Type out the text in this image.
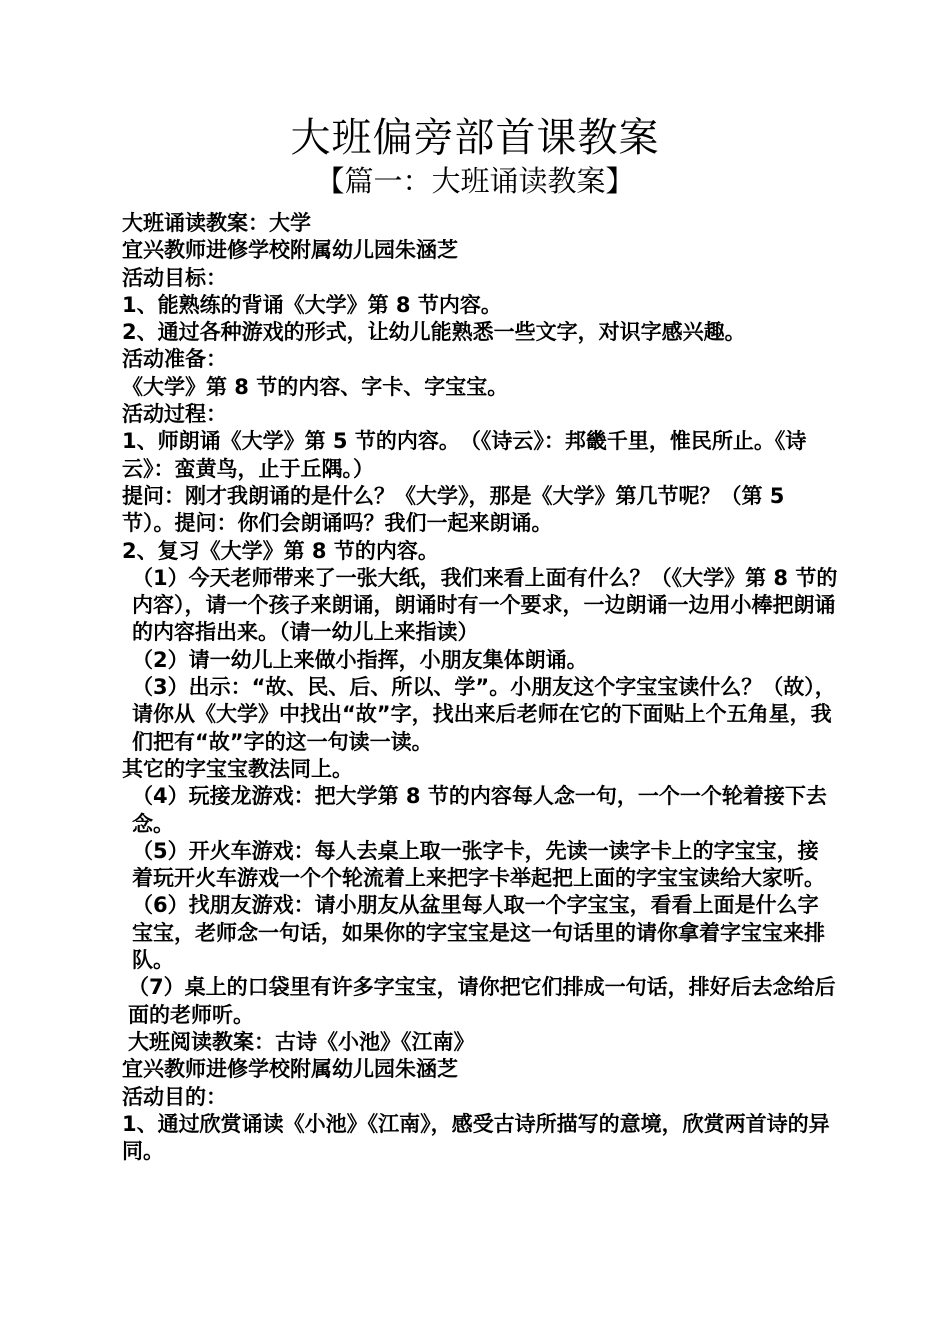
大班偏旁部首课教案
【篇一：大班诵读教案】

大班诵读教案：大学

宜兴教师进修学校附属幼儿园朱涵芝

活动目标：

1、能熟练的背诵《大学》第 8 节内容。

2、通过各种游戏的形式，让幼儿能熟悉一些文字，对识字感兴趣。

活动准备：

《大学》第 8 节的内容、字卡、字宝宝。

活动过程：

1、师朗诵《大学》第 5 节的内容。　（《诗云》：邦畿千里，惟民所止。《诗云》：蛮黄鸟，止于丘隅。）

提问：刚才我朗诵的是什么？《大学》，那是《大学》第几节呢？（第 5 节）。提问：你们会朗诵吗？我们一起来朗诵。

2、复习《大学》第 8 节的内容。

（1）今天老师带来了一张大纸，我们来看上面有什么？（《大学》第 8 节的内容），请一个孩子来朗诵，朗诵时有一个要求，一边朗诵一边用小棒把朗诵的内容指出来。（请一幼儿上来指读）

（2）请一幼儿上来做小指挥，小朋友集体朗诵。

（3）出示：“故、民、后、所以、学”。小朋友这个字宝宝读什么？（故），请你从《大学》中找出“故”字，找出来后老师在它的下面贴上个五角星，我们把有“故”字的这一句读一读。

其它的字宝宝教法同上。

（4）玩接龙游戏：把大学第 8 节的内容每人念一句，一个一个轮着接下去念。

（5）开火车游戏：每人去桌上取一张字卡，先读一读字卡上的字宝宝，接着玩开火车游戏一个个轮流着上来把字卡举起把上面的字宝宝读给大家听。

（6）找朋友游戏：请小朋友从盆里每人取一个字宝宝，看看上面是什么字宝宝，老师念一句话，如果你的字宝宝是这一句话里的请你拿着字宝宝来排队。

（7）桌上的口袋里有许多字宝宝，请你把它们排成一句话，排好后去念给后面的老师听。

大班阅读教案：古诗《小池》《江南》

宜兴教师进修学校附属幼儿园朱涵芝

活动目的：

1、通过欣赏诵读《小池》《江南》，感受古诗所描写的意境，欣赏两首诗的异同。
